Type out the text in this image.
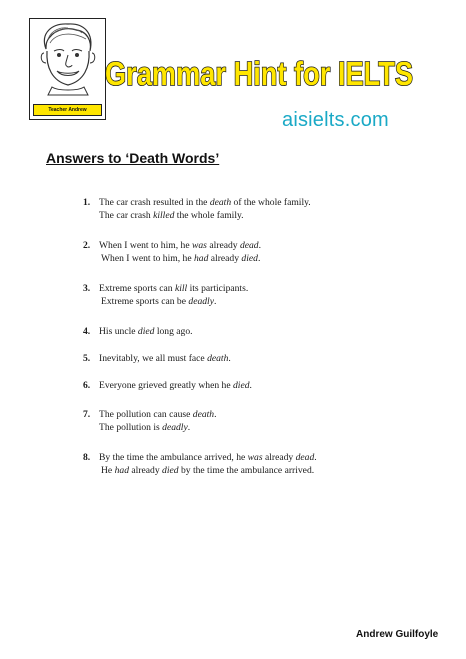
Teacher Andrew
Grammar Hint for IELTS
aisielts.com
Answers to ‘Death Words’
1. The car crash resulted in the death of the whole family.
The car crash killed the whole family.
2. When I went to him, he was already dead.
When I went to him, he had already died.
3. Extreme sports can kill its participants.
Extreme sports can be deadly.
4. His uncle died long ago.
5. Inevitably, we all must face death.
6. Everyone grieved greatly when he died.
7. The pollution can cause death.
The pollution is deadly.
8. By the time the ambulance arrived, he was already dead.
He had already died by the time the ambulance arrived.
Andrew Guilfoyle
